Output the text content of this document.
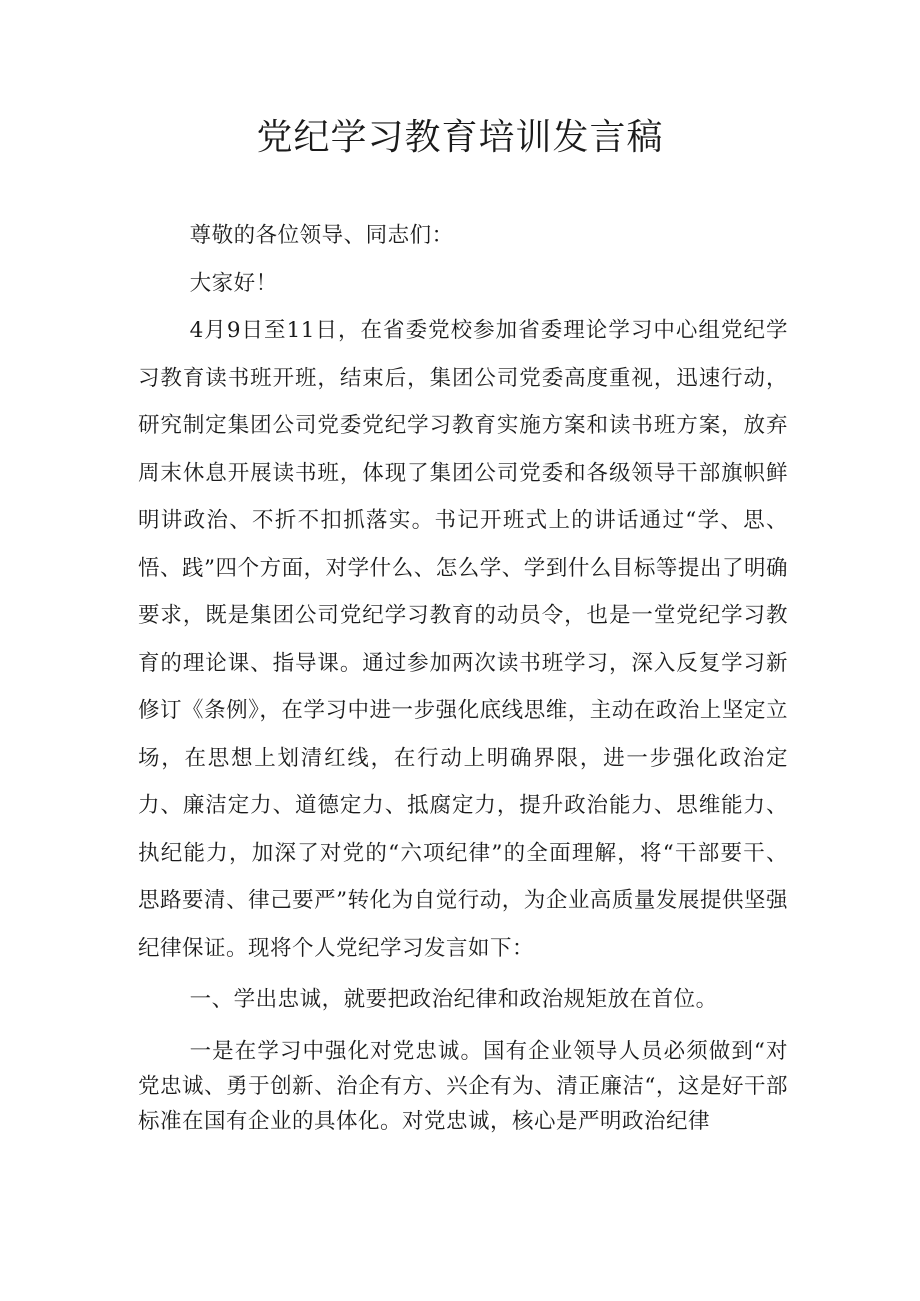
党纪学习教育培训发言稿

尊敬的各位领导、同志们：

大家好！

4月9日至11日，在省委党校参加省委理论学习中心组党纪学习教育读书班开班，结束后，集团公司党委高度重视，迅速行动，研究制定集团公司党委党纪学习教育实施方案和读书班方案，放弃周末休息开展读书班，体现了集团公司党委和各级领导干部旗帜鲜明讲政治、不折不扣抓落实。书记开班式上的讲话通过“学、思、悟、践”四个方面，对学什么、怎么学、学到什么目标等提出了明确要求，既是集团公司党纪学习教育的动员令，也是一堂党纪学习教育的理论课、指导课。通过参加两次读书班学习，深入反复学习新修订《条例》，在学习中进一步强化底线思维，主动在政治上坚定立场，在思想上划清红线，在行动上明确界限，进一步强化政治定力、廉洁定力、道德定力、抵腐定力，提升政治能力、思维能力、执纪能力，加深了对党的“六项纪律”的全面理解，将“干部要干、思路要清、律己要严”转化为自觉行动，为企业高质量发展提供坚强纪律保证。现将个人党纪学习发言如下：

一、学出忠诚，就要把政治纪律和政治规矩放在首位。

一是在学习中强化对党忠诚。国有企业领导人员必须做到“对党忠诚、勇于创新、治企有方、兴企有为、清正廉洁“，这是好干部标准在国有企业的具体化。对党忠诚，核心是严明政治纪律
